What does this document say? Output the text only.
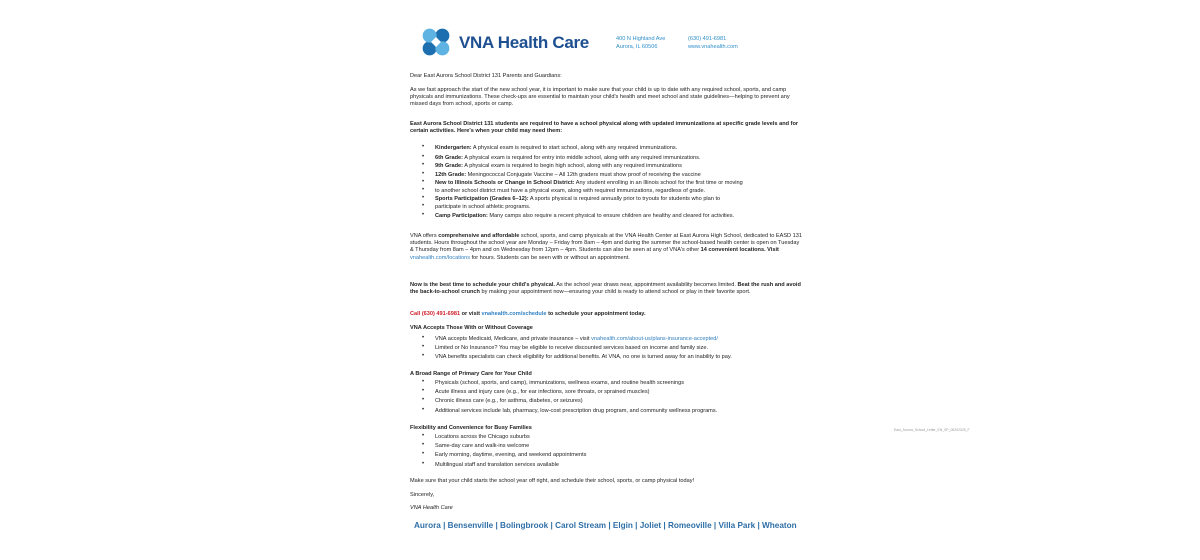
VNA Health Care	400 N Highland Ave
Aurora, IL 60506
(630) 491-6981
www.vnahealth.com
Dear East Aurora School District 131 Parents and Guardians:
As we fast approach the start of the new school year, it is important to make sure that your child is up to date with any required school, sports, and camp physicals and immunizations. These check-ups are essential to maintain your child's health and meet school and state guidelines—helping to prevent any missed days from school, sports or camp.
East Aurora School District 131 students are required to have a school physical along with updated immunizations at specific grade levels and for certain activities. Here's when your child may need them:
• Kindergarten: A physical exam is required to start school, along with any required immunizations.
• 6th Grade: A physical exam is required for entry into middle school, along with any required immunizations.
• 9th Grade: A physical exam is required to begin high school, along with any required immunizations
• 12th Grade: Meningococcal Conjugate Vaccine – All 12th graders must show proof of receiving the vaccine
• New to Illinois Schools or Change in School District: Any student enrolling in an Illinois school for the first time or moving
• to another school district must have a physical exam, along with required immunizations, regardless of grade.
• Sports Participation (Grades 6–12): A sports physical is required annually prior to tryouts for students who plan to
• participate in school athletic programs.
• Camp Participation: Many camps also require a recent physical to ensure children are healthy and cleared for activities.
VNA offers comprehensive and affordable school, sports, and camp physicals at the VNA Health Center at East Aurora High School, dedicated to EASD 131 students. Hours throughout the school year are Monday – Friday from 8am – 4pm and during the summer the school-based health center is open on Tuesday & Thursday from 8am – 4pm and on Wednesday from 12pm – 4pm. Students can also be seen at any of VNA's other 14 convenient locations. Visit vnahealth.com/locations for hours. Students can be seen with or without an appointment.
Now is the best time to schedule your child's physical. As the school year draws near, appointment availability becomes limited. Beat the rush and avoid the back-to-school crunch by making your appointment now—ensuring your child is ready to attend school or play in their favorite sport.
Call (630) 491-6981 or visit vnahealth.com/schedule to schedule your appointment today.
VNA Accepts Those With or Without Coverage
• VNA accepts Medicaid, Medicare, and private insurance – visit vnahealth.com/about-us/plans-insurance-accepted/
• Limited or No Insurance? You may be eligible to receive discounted services based on income and family size.
• VNA benefits specialists can check eligibility for additional benefits. At VNA, no one is turned away for an inability to pay.
A Broad Range of Primary Care for Your Child
• Physicals (school, sports, and camp), immunizations, wellness exams, and routine health screenings
• Acute illness and injury care (e.g., for ear infections, sore throats, or sprained muscles)
• Chronic illness care (e.g., for asthma, diabetes, or seizures)
• Additional services include lab, pharmacy, low-cost prescription drug program, and community wellness programs.
Flexibility and Convenience for Busy Families
• Locations across the Chicago suburbs
• Same-day care and walk-ins welcome
• Early morning, daytime, evening, and weekend appointments
• Multilingual staff and translation services available
Make sure that your child starts the school year off right, and schedule their school, sports, or camp physical today!
Sincerely,
VNA Health Care
East_Aurora_School_Letter_EN_SP_06202025_F
Aurora | Bensenville | Bolingbrook | Carol Stream | Elgin | Joliet | Romeoville | Villa Park | Wheaton
